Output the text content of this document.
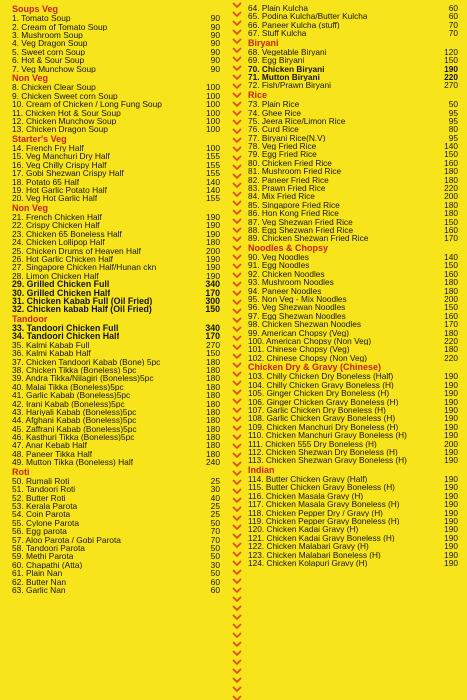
Soups Veg
1. Tomato Soup	90
2. Cream of Tomato Soup	90
3. Mushroom Soup	90
4. Veg Dragon Soup	90
5. Sweet corn Soup	90
6. Hot & Sour Soup	90
7. Veg Munchow Soup	90
Non Veg
8. Chicken Clear Soup	100
9. Chicken Sweet corn Soup	100
10. Cream of Chicken / Long Fung Soup	100
11. Chicken Hot & Sour Soup	100
12. Chicken Munchow Soup	100
13. Chicken Dragon Soup	100
Starter's Veg
14. French Fry Half	100
15. Veg Manchuri Dry Half	155
16. Veg Chilly Crispy Half	155
17. Gobi Shezwan Crispy Half	155
18. Potato 65 Half	140
19. Hot Garlic Potato Half	140
20. Veg Hot Garlic Half	155
Non Veg
21. French Chicken Half	190
22. Crispy Chicken Half	190
23. Chicken 65 Boneless Half	190
24. Chicken Lollipop Half	180
25. Chicken Drums of Heaven Half	200
26. Hot Garlic Chicken Half	190
27. Singapore Chicken Half/Hunan ckn	190
28. Limon Chicken Half	190
29. Grilled Chicken Full	340
30. Grilled Chicken Half	170
31. Chicken Kabab Full (Oil Fried)	300
32. Chicken kabab Half (Oil Fried)	150
Tandoor
33. Tandoori Chicken Full	340
34. Tandoori Chicken Half	170
35. Kalmi Kabab Full	270
36. Kalmi Kabab Half	150
37. Chicken Tandoori Kabab (Bone) 5pc	180
38. Chicken Tikka (Boneless) 5pc	180
39. Andra Tikka/Nilagiri (Boneless)5pc	180
40. Malai Tikka (Boneless)5pc	180
41. Garlic Kabab (Boneless)5pc	180
42. Irani Kabab (Boneless)5pc	180
43. Hariyali Kabab (Boneless)5pc	180
44. Afghani Kabab (Boneless)5pc	180
45. Zaffrani Kabab (Boneless)5pc	180
46. Kasthuri Tikka (Boneless)5pc	180
47. Anar Kebab Half	180
48. Paneer Tikka Half	180
49. Mutton Tikka (Boneless) Half	240
Roti
50. Rumali Roti	25
51. Tandoori Roti	30
52. Butter Roti	40
53. Kerala Parota	25
54. Coin Parota	25
55. Cylone Parota	50
56. Egg parota	70
57. Aloo Parota / Gobi Parota	70
58. Tandoori Parota	50
59. Methi Parota	50
60. Chapathi (Atta)	30
61. Plain Nan	50
62. Butter Nan	60
63. Garlic Nan	60
64. Plain Kulcha	60
65. Podina Kulcha/Butter Kulcha	60
66. Paneer Kulcha (stuff)	70
67. Stuff Kulcha	70
Biryani
68. Vegetable Biryani	120
69. Egg Biryani	150
70. Chicken Biryani	190
71. Mutton Biryani	220
72. Fish/Prawn Biryani	270
Rice
73. Plain Rice	50
74. Ghee Rice	95
75. Jeera Rice/Limon Rice	95
76. Curd Rice	80
77. Biryani Rice(N.V)	95
78. Veg Fried Rice	140
79. Egg Fried Rice	150
80. Chicken Fried Rice	160
81. Mushroom Fried Rice	180
82. Paneer Fried Rice	180
83. Prawn Fried Rice	220
84. Mix Fried Rice	200
85. Singapore Fried Rice	180
86. Hon Kong Fried Rice	180
87. Veg Shezwan Fried Rice	150
88. Egg Shezwan Fried Rice	160
89. Chicken Shezwan Fried Rice	170
Noodles & Chopsy
90. Veg Noodles	140
91. Egg Noodles	150
92. Chicken Noodles	160
93. Mushroom Noodles	180
94. Paneer Noodles	180
95. Non Veg - Mix Noodles	200
96. Veg Shezwan Noodles	150
97. Egg Shezwan Noodles	160
98. Chicken Shezwan Noodles	170
99. American Chopsy (Veg)	180
100. American Chopsy (Non Veg)	220
101. Chinese Chopsy (Veg)	180
102. Chinese Chopsy (Non Veg)	220
Chicken Dry & Gravy (Chinese)
103. Chilly Chicken Dry Boneless (Half)	190
104. Chilly Chicken Gravy Boneless (H)	190
105. Ginger Chicken Dry Boneless (H)	190
106. Ginger Chicken Gravy Boneless (H)	190
107. Garlic Chicken Dry Boneless (H)	190
108. Garlic Chicken Gravy Boneless (H)	190
109. Chicken Manchuri Dry Boneless (H)	190
110. Chicken Manchuri Gravy Boneless (H)	190
111. Chicken 555 Dry Boneless (H)	200
112. Chicken Shezwan Dry Boneless (H)	190
113. Chicken Shezwan Gravy Boneless (H)	190
Indian
114. Butter Chicken Gravy (Half)	190
115. Butter Chicken Gravy Boneless (H)	190
116. Chicken Masala Gravy (H)	190
117. Chicken Masala Gravy Boneless (H)	190
118. Chicken Pepper Dry / Gravy (H)	190
119. Chicken Pepper Gravy Boneless (H)	190
120. Chicken Kadai Gravy (H)	190
121. Chicken Kadai Gravy Boneless (H)	190
122. Chicken Malabari Gravy (H)	190
123. Chicken Malabari Boneless (H)	190
124. Chicken Kolapuri Gravy (H)	190
